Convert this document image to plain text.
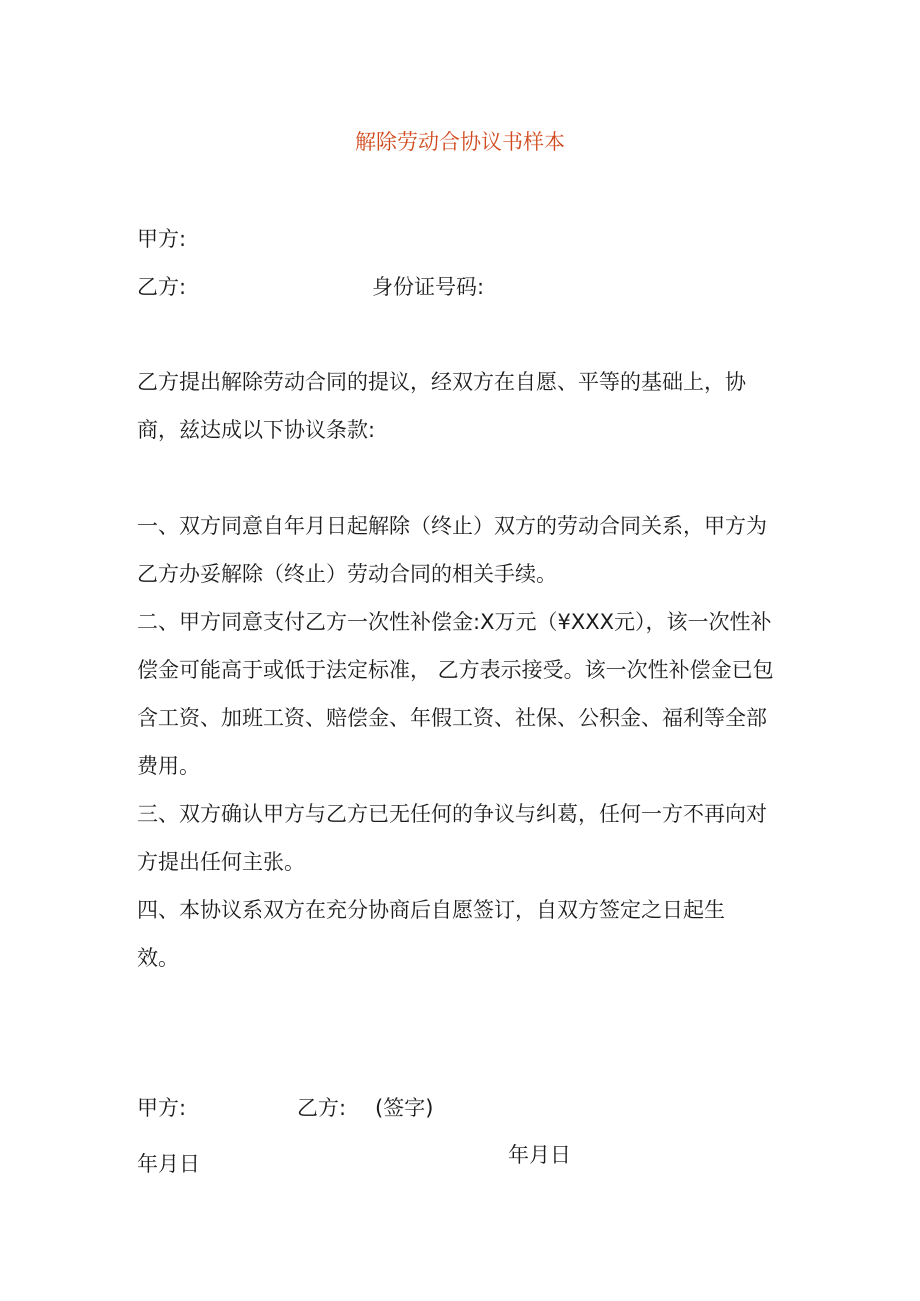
解除劳动合协议书样本
甲方:
乙方:	身份证号码:

乙方提出解除劳动合同的提议，经双方在自愿、平等的基础上，协商，兹达成以下协议条款:

一、双方同意自年月日起解除（终止）双方的劳动合同关系，甲方为乙方办妥解除（终止）劳动合同的相关手续。

二、甲方同意支付乙方一次性补偿金:X万元（¥XXX元），该一次性补偿金可能高于或低于法定标准， 乙方表示接受。该一次性补偿金已包含工资、加班工资、赔偿金、年假工资、社保、公积金、福利等全部费用。

三、双方确认甲方与乙方已无任何的争议与纠葛，任何一方不再向对方提出任何主张。

四、本协议系双方在充分协商后自愿签订，自双方签定之日起生效。

甲方:	乙方: (签字)
年月日	年月日
